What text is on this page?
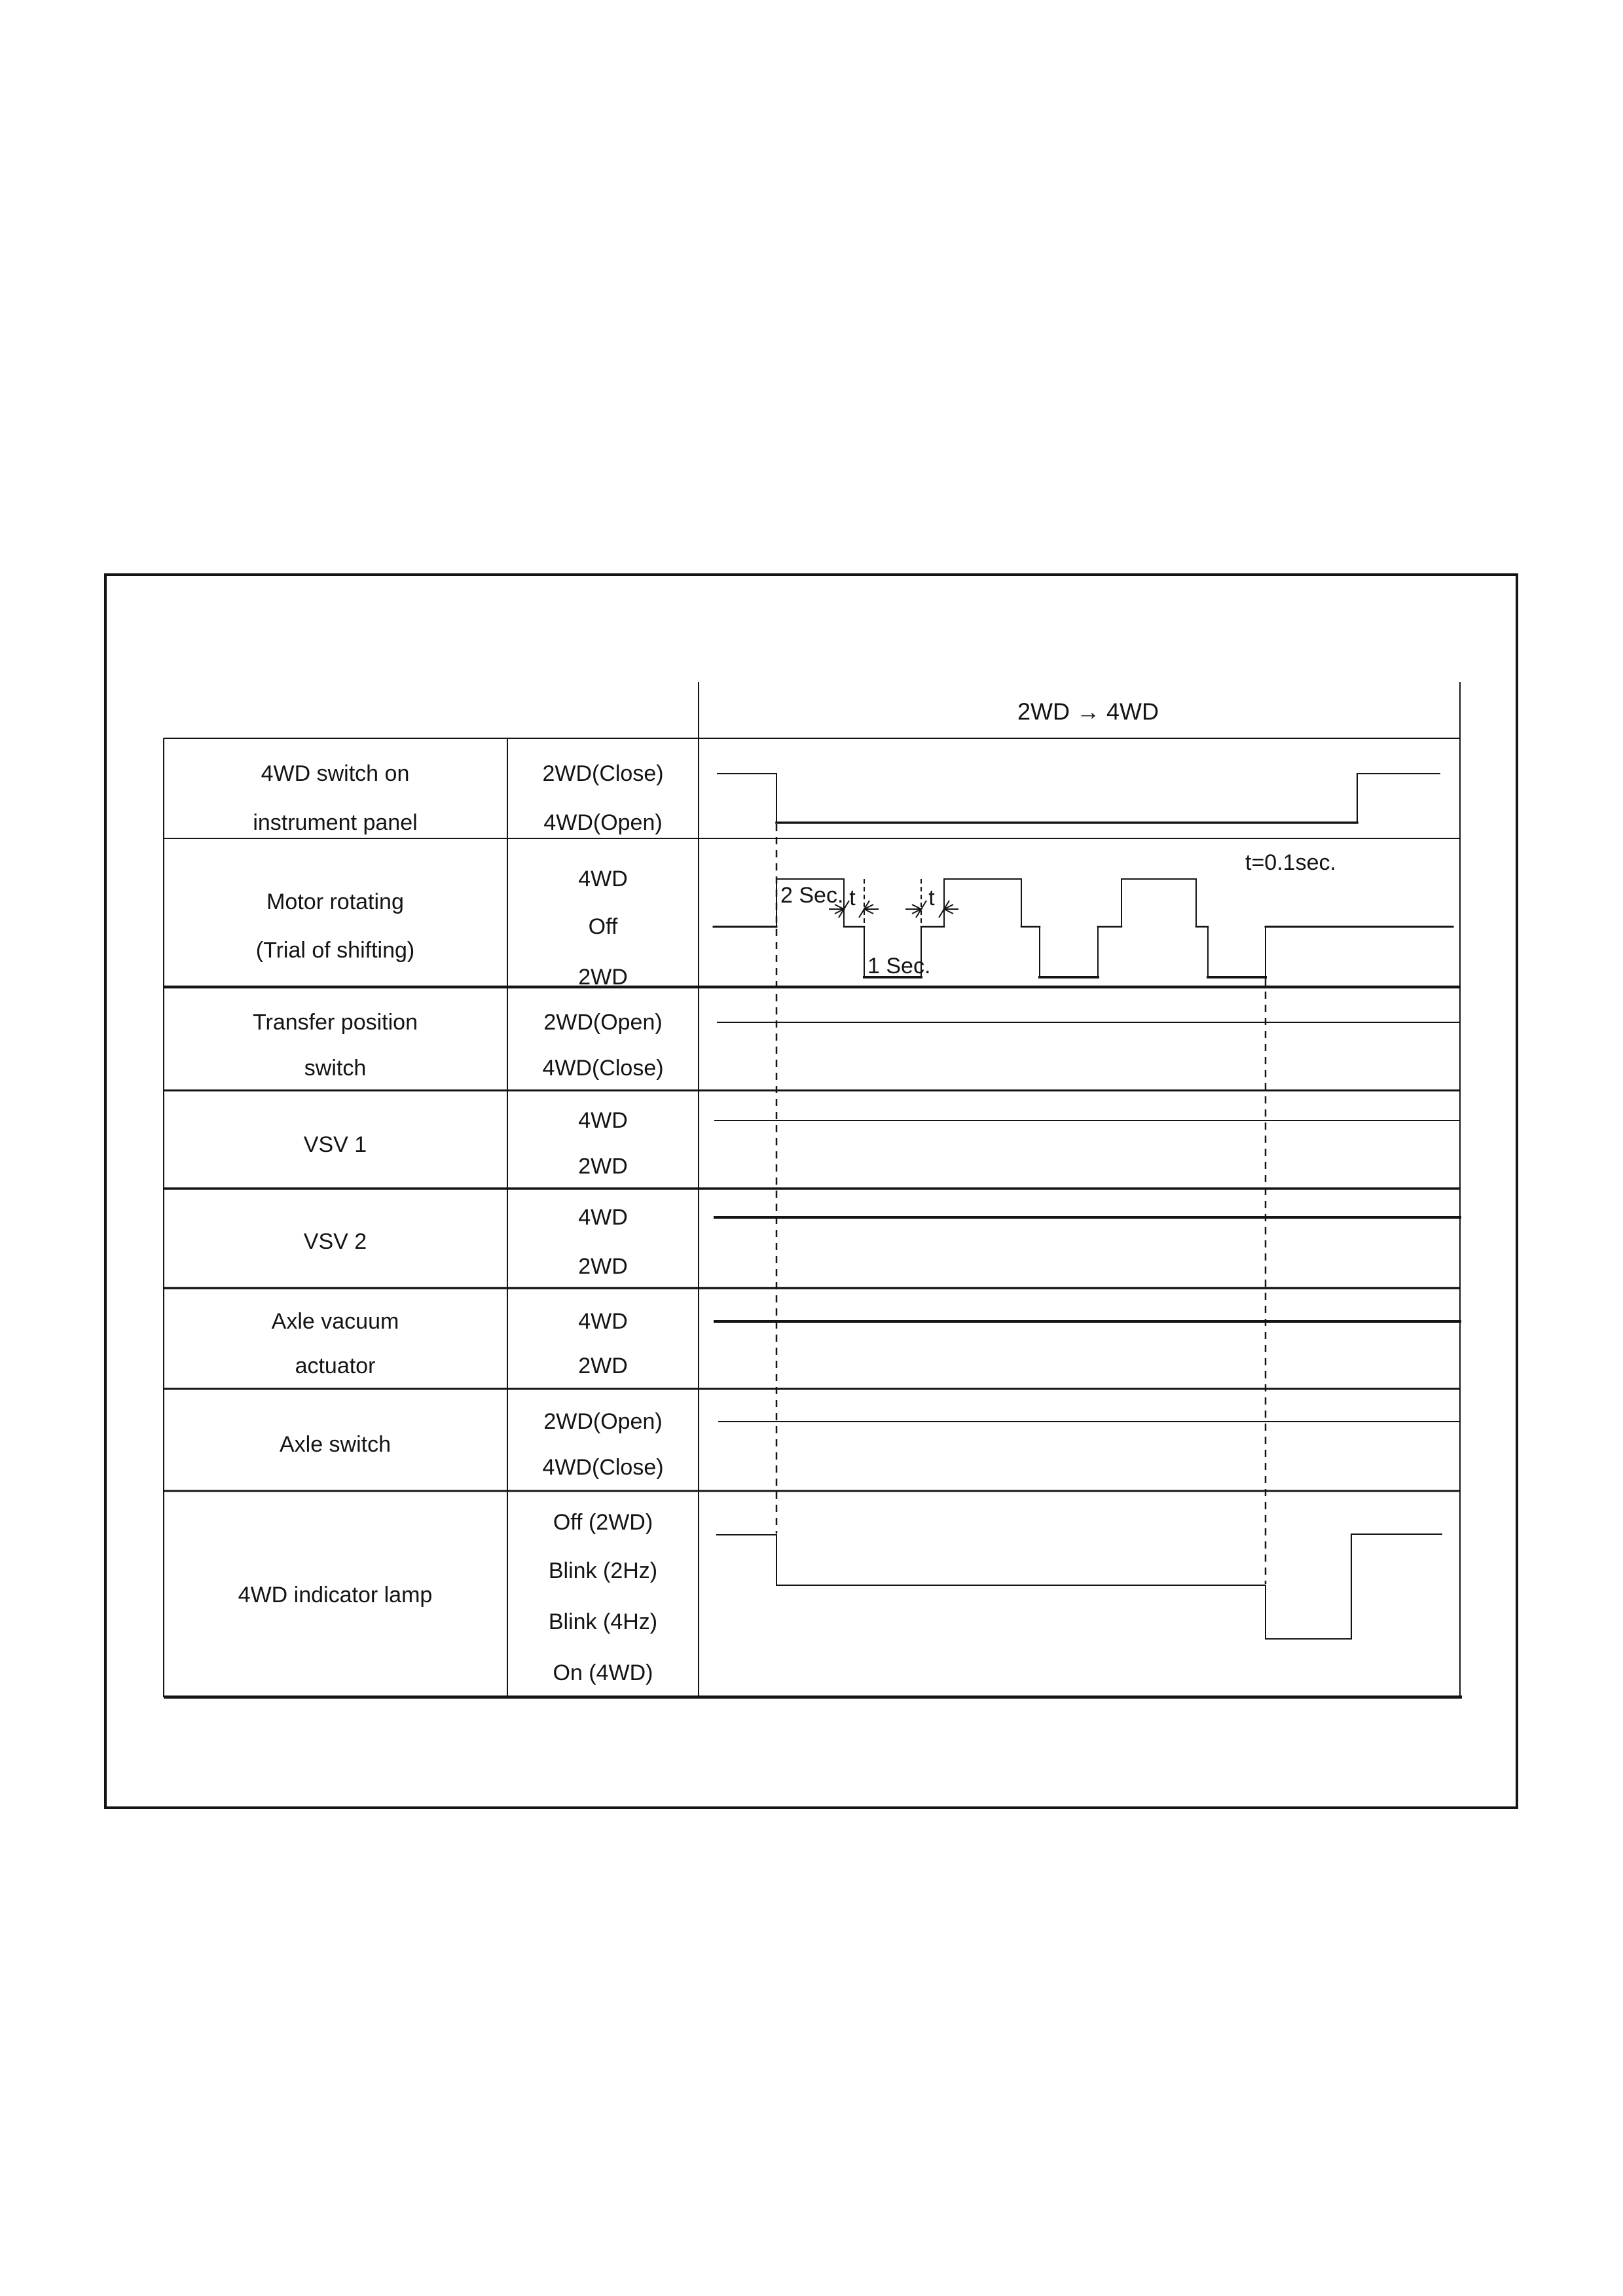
2WD → 4WD
4WD switch on
instrument panel
Motor rotating
(Trial of shifting)
Transfer position
switch
VSV 1
VSV 2
Axle vacuum
actuator
Axle switch
4WD indicator lamp
2WD(Close)
4WD(Open)
4WD
Off
2WD
2WD(Open)
4WD(Close)
4WD
2WD
4WD
2WD
4WD
2WD
2WD(Open)
4WD(Close)
Off (2WD)
Blink (2Hz)
Blink (4Hz)
On (4WD)
2 Sec. t	t
1 Sec.
t=0.1sec.
